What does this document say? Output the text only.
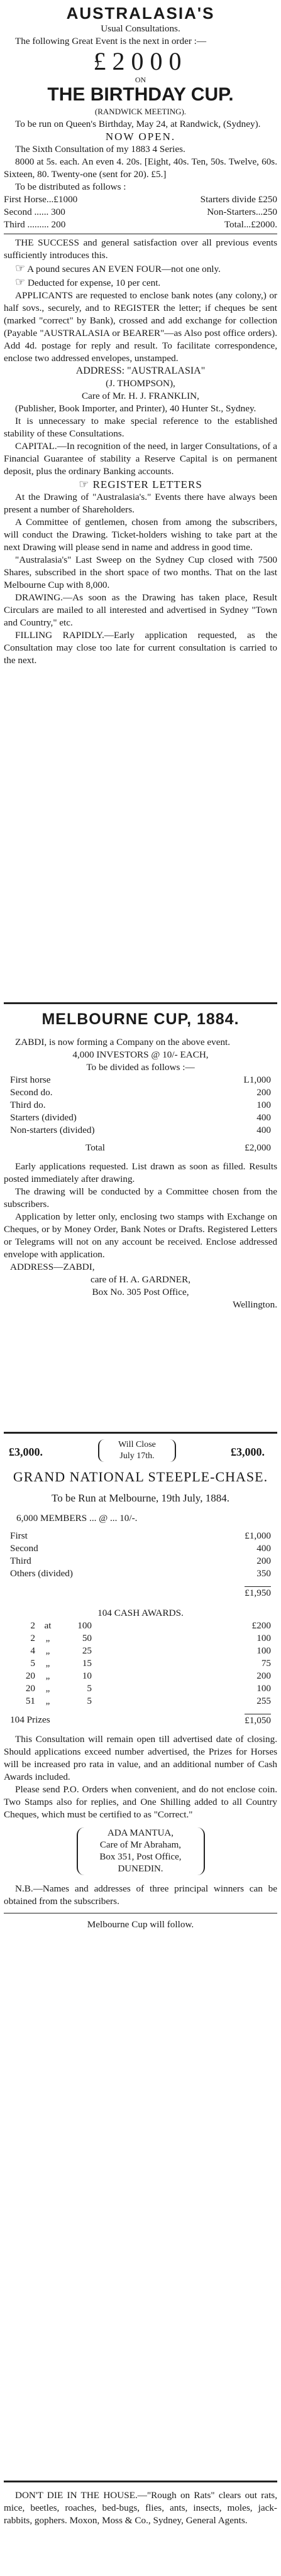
AUSTRALASIA'S

Usual Consultations.

The following Great Event is the next in order :—

£2000

ON

THE BIRTHDAY CUP.

(RANDWICK MEETING).

To be run on Queen's Birthday, May 24, at Randwick, (Sydney).

NOW OPEN.

The Sixth Consultation of my 1883 4 Series.

8000 at 5s. each. An even 4. 20s. [Eight, 40s. Ten, 50s. Twelve, 60s. Sixteen, 80. Twenty-one (sent for 20). £5.]

To be distributed as follows :

First Horse...£1000	Starters divide £250
Second ...... 300	Non-Starters...250
Third ......... 200	Total...£2000.

THE SUCCESS and general satisfaction over all previous events sufficiently introduces this.

☞ A pound secures AN EVEN FOUR—not one only.

☞ Deducted for expense, 10 per cent.

APPLICANTS are requested to enclose bank notes (any colony,) or half sovs., securely, and to REGISTER the letter; if cheques be sent (marked "correct" by Bank), crossed and add exchange for collection (Payable "AUSTRALASIA or BEARER"—as Also post office orders). Add 4d. postage for reply and result. To facilitate correspondence, enclose two addressed envelopes, unstamped.

ADDRESS: "AUSTRALASIA"

(J. THOMPSON),

Care of Mr. H. J. FRANKLIN,

(Publisher, Book Importer, and Printer), 40 Hunter St., Sydney.

It is unnecessary to make special reference to the established stability of these Consultations.

CAPITAL.—In recognition of the need, in larger Consultations, of a Financial Guarantee of stability a Reserve Capital is on permanent deposit, plus the ordinary Banking accounts.

☞ REGISTER LETTERS

At the Drawing of "Australasia's." Events there have always been present a number of Shareholders.

A Committee of gentlemen, chosen from among the subscribers, will conduct the Drawing. Ticket-holders wishing to take part at the next Drawing will please send in name and address in good time.

"Australasia's" Last Sweep on the Sydney Cup closed with 7500 Shares, subscribed in the short space of two months. That on the last Melbourne Cup with 8,000.

DRAWING.—As soon as the Drawing has taken place, Result Circulars are mailed to all interested and advertised in Sydney "Town and Country," etc.

FILLING RAPIDLY.—Early application requested, as the Consultation may close too late for current consultation is carried to the next.

MELBOURNE CUP, 1884.

ZABDI, is now forming a Company on the above event.

4,000 INVESTORS @ 10/- EACH,

To be divided as follows :—

First horse	L1,000
Second do.	200
Third do.	100
Starters (divided)	400
Non-starters (divided)	400
Total	£2,000

Early applications requested. List drawn as soon as filled. Results posted immediately after drawing.

The drawing will be conducted by a Committee chosen from the subscribers.

Application by letter only, enclosing two stamps with Exchange on Cheques, or by Money Order, Bank Notes or Drafts. Registered Letters or Telegrams will not on any account be received. Enclose addressed envelope with application.

ADDRESS—ZABDI,

care of H. A. GARDNER,

Box No. 305 Post Office,

Wellington.

£3,000.
Will Close
July 17th.	£3,000.

GRAND NATIONAL STEEPLE-CHASE.

To be Run at Melbourne, 19th July, 1884.

6,000 MEMBERS ... @ ... 10/-.

First	£1,000
Second	400
Third	200
Others (divided)	350
£1,950

104 CASH AWARDS.

2 at	100	£200
2	„	50	100
4	„	25	100
5	„	15	75
20	„	10	200
20	„	5	100
51	„	5	255
104 Prizes	£1,050

This Consultation will remain open till advertised date of closing. Should applications exceed number advertised, the Prizes for Horses will be increased pro rata in value, and an additional number of Cash Awards included.

Please send P.O. Orders when convenient, and do not enclose coin. Two Stamps also for replies, and One Shilling added to all Country Cheques, which must be certified to as "Correct."

ADA MANTUA,
Care of Mr Abraham,
Box 351, Post Office,
DUNEDIN.

N.B.—Names and addresses of three principal winners can be obtained from the subscribers.

Melbourne Cup will follow.

DON'T DIE IN THE HOUSE.—"Rough on Rats" clears out rats, mice, beetles, roaches, bed-bugs, flies, ants, insects, moles, jack-rabbits, gophers. Moxon, Moss & Co., Sydney, General Agents.
